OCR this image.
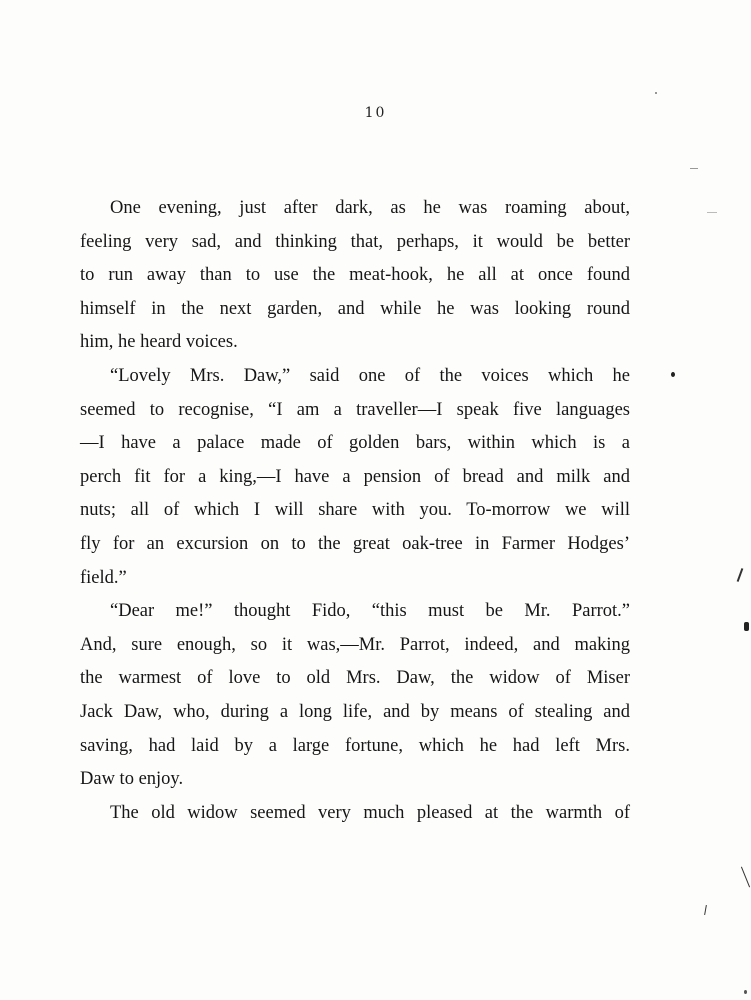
10
One evening, just after dark, as he was roaming about,
feeling very sad, and thinking that, perhaps, it would be better
to run away than to use the meat-hook, he all at once found
himself in the next garden, and while he was looking round
him, he heard voices.
“Lovely Mrs. Daw,” said one of the voices which he
seemed to recognise, “I am a traveller—I speak five languages
—I have a palace made of golden bars, within which is a
perch fit for a king,—I have a pension of bread and milk and
nuts; all of which I will share with you. To-morrow we will
fly for an excursion on to the great oak-tree in Farmer Hodges’
field.”
“Dear me!” thought Fido, “this must be Mr. Parrot.”
And, sure enough, so it was,—Mr. Parrot, indeed, and making
the warmest of love to old Mrs. Daw, the widow of Miser
Jack Daw, who, during a long life, and by means of stealing and
saving, had laid by a large fortune, which he had left Mrs.
Daw to enjoy.
The old widow seemed very much pleased at the warmth of
